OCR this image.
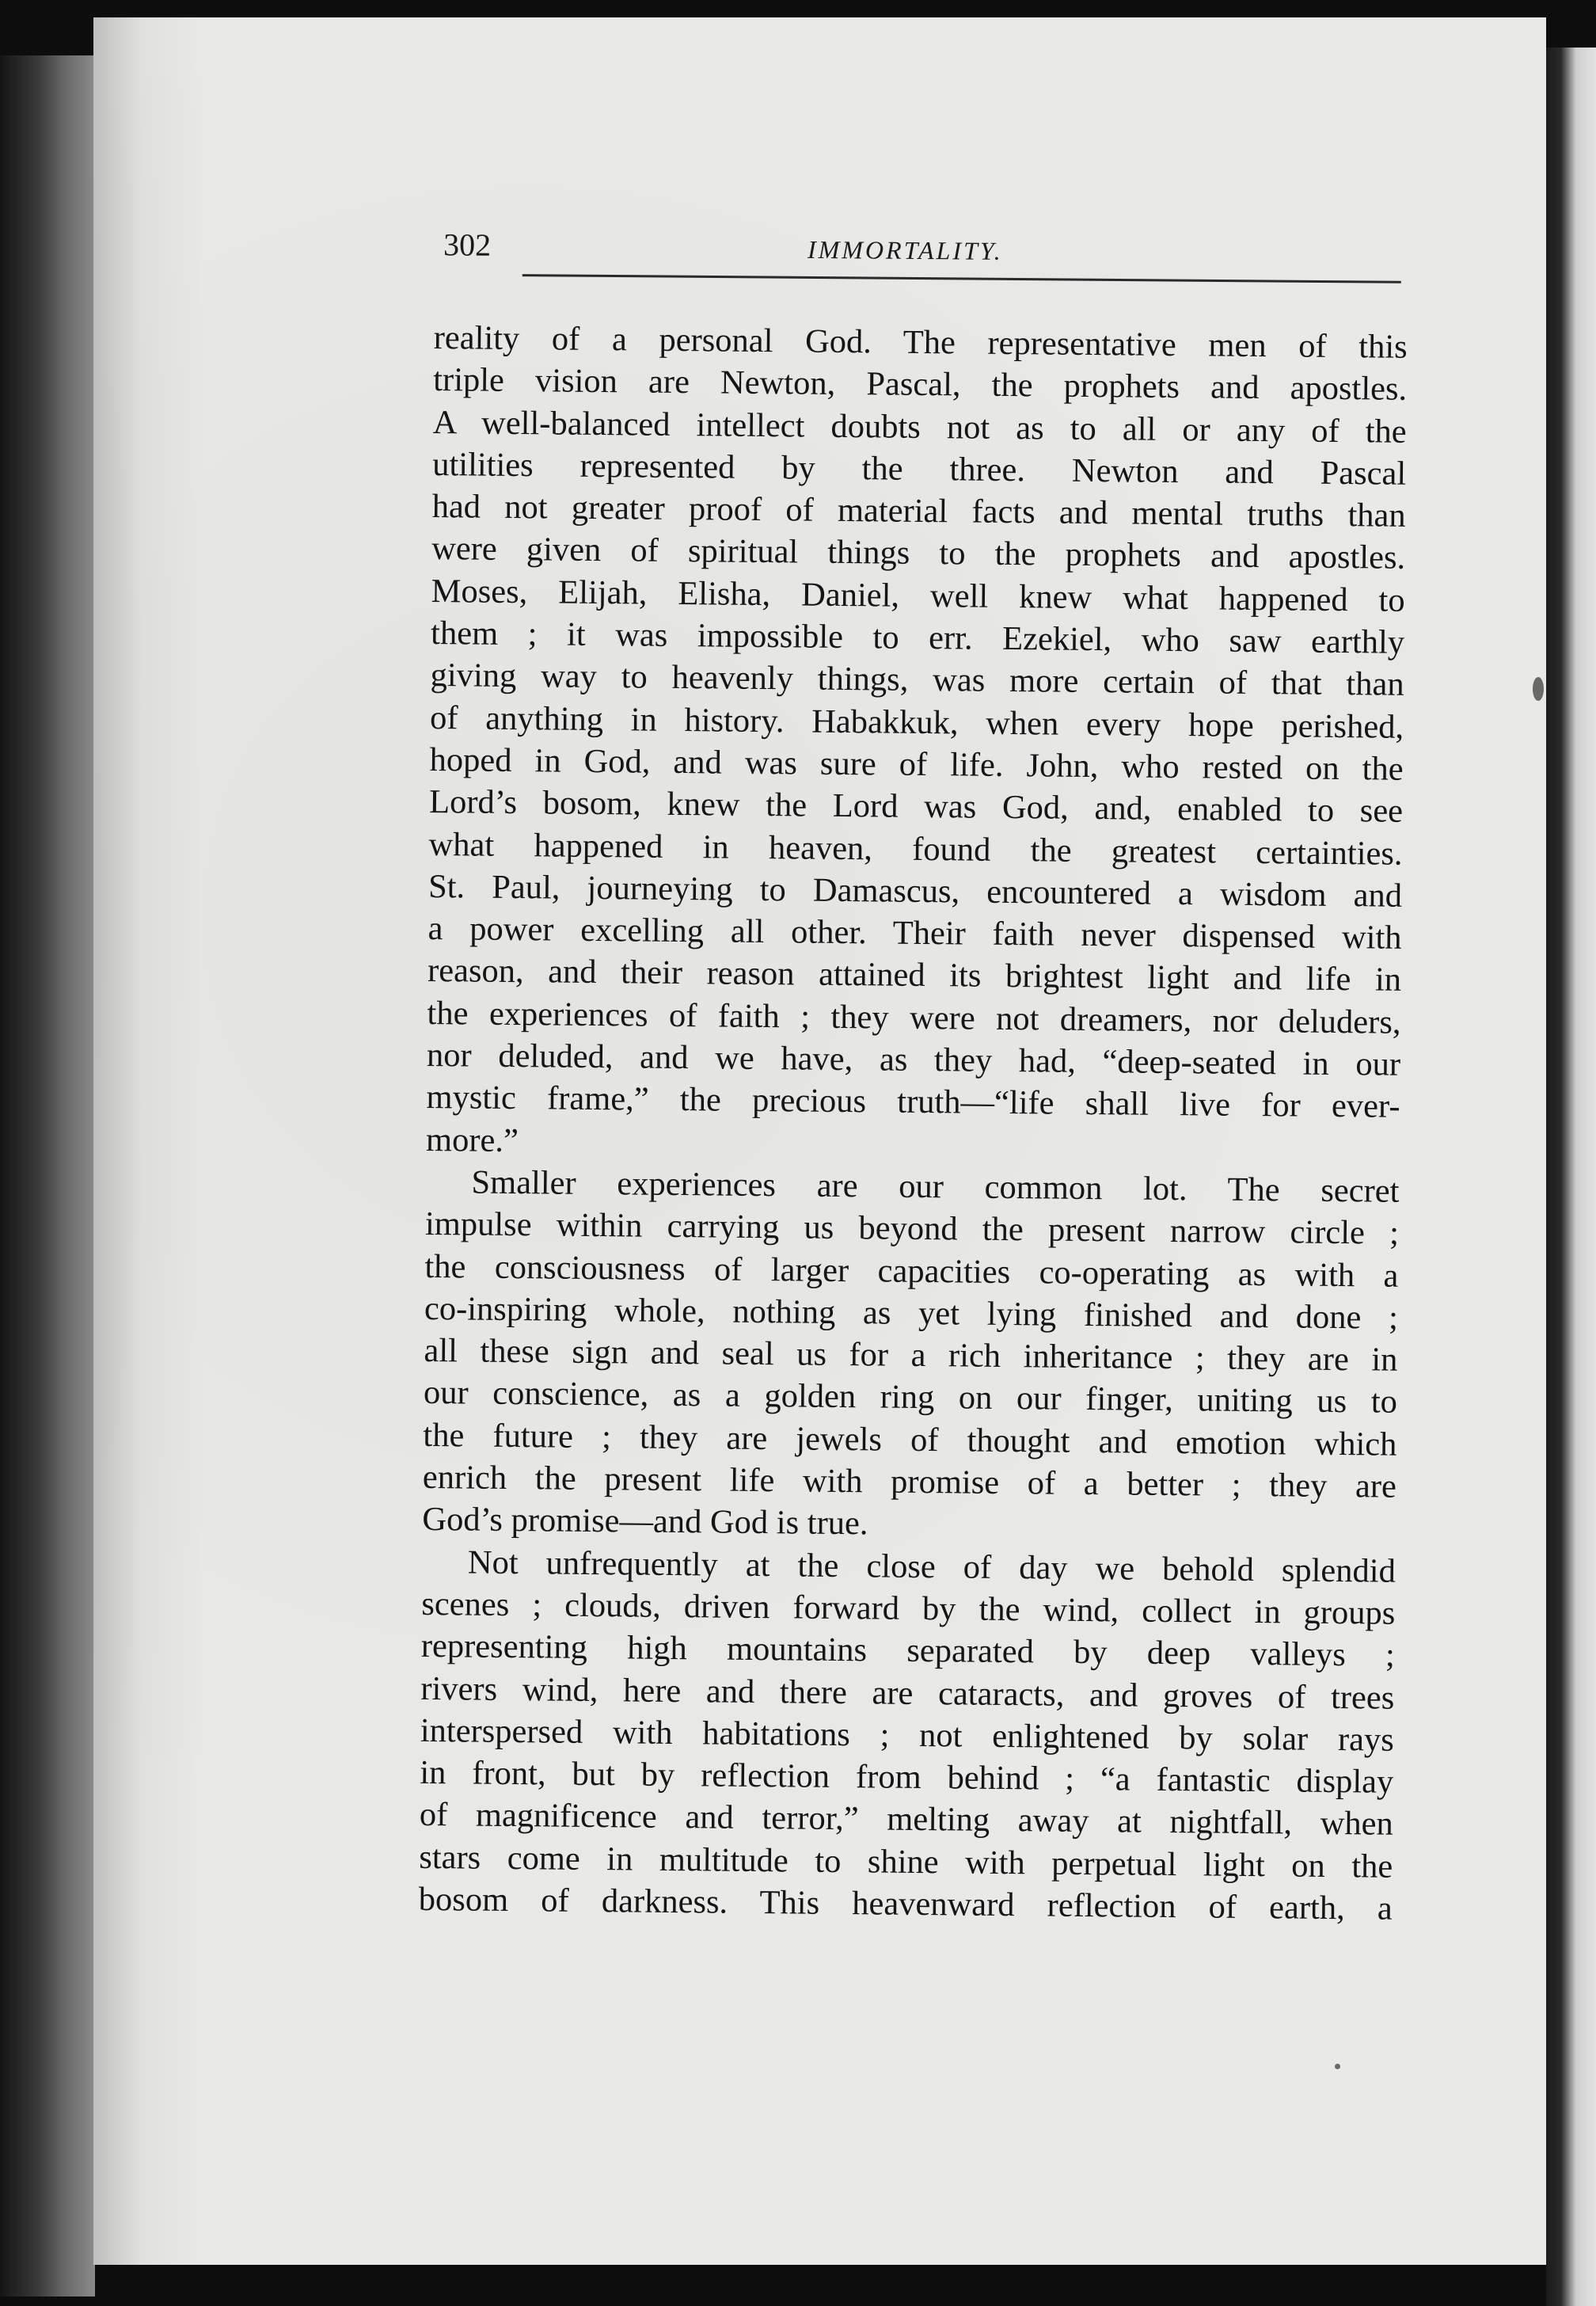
302	IMMORTALITY.
reality of a personal God. The representative men of this
triple vision are Newton, Pascal, the prophets and apostles.
A well-balanced intellect doubts not as to all or any of the
utilities represented by the three. Newton and Pascal
had not greater proof of material facts and mental truths than
were given of spiritual things to the prophets and apostles.
Moses, Elijah, Elisha, Daniel, well knew what happened to
them ; it was impossible to err. Ezekiel, who saw earthly
giving way to heavenly things, was more certain of that than
of anything in history. Habakkuk, when every hope perished,
hoped in God, and was sure of life. John, who rested on the
Lord’s bosom, knew the Lord was God, and, enabled to see
what happened in heaven, found the greatest certainties.
St. Paul, journeying to Damascus, encountered a wisdom and
a power excelling all other. Their faith never dispensed with
reason, and their reason attained its brightest light and life in
the experiences of faith ; they were not dreamers, nor deluders,
nor deluded, and we have, as they had, “deep-seated in our
mystic frame,” the precious truth—“life shall live for ever-
more.”
Smaller experiences are our common lot. The secret
impulse within carrying us beyond the present narrow circle ;
the consciousness of larger capacities co-operating as with a
co-inspiring whole, nothing as yet lying finished and done ;
all these sign and seal us for a rich inheritance ; they are in
our conscience, as a golden ring on our finger, uniting us to
the future ; they are jewels of thought and emotion which
enrich the present life with promise of a better ; they are
God’s promise—and God is true.
Not unfrequently at the close of day we behold splendid
scenes ; clouds, driven forward by the wind, collect in groups
representing high mountains separated by deep valleys ;
rivers wind, here and there are cataracts, and groves of trees
interspersed with habitations ; not enlightened by solar rays
in front, but by reflection from behind ; “a fantastic display
of magnificence and terror,” melting away at nightfall, when
stars come in multitude to shine with perpetual light on the
bosom of darkness. This heavenward reflection of earth, a
